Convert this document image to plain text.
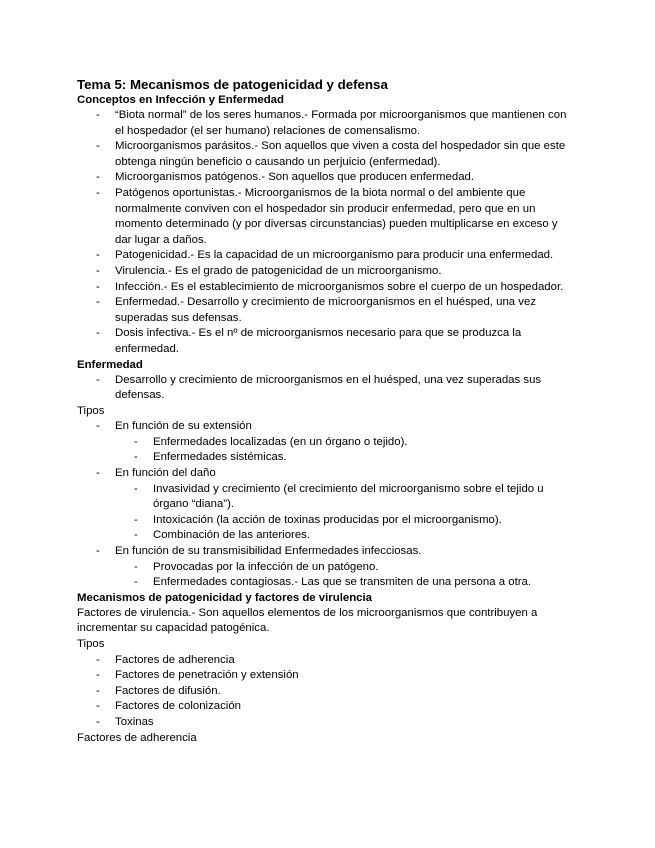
Tema 5: Mecanismos de patogenicidad y defensa

Conceptos en Infección y Enfermedad

- “Biota normal” de los seres humanos.- Formada por microorganismos que mantienen con el hospedador (el ser humano) relaciones de comensalismo.
- Microorganismos parásitos.- Son aquellos que viven a costa del hospedador sin que este obtenga ningún beneficio o causando un perjuicio (enfermedad).
- Microorganismos patógenos.- Son aquellos que producen enfermedad.
- Patógenos oportunistas.- Microorganismos de la biota normal o del ambiente que normalmente conviven con el hospedador sin producir enfermedad, pero que en un momento determinado (y por diversas circunstancias) pueden multiplicarse en exceso y dar lugar a daños.
- Patogenicidad.- Es la capacidad de un microorganismo para producir una enfermedad.
- Virulencia.- Es el grado de patogenicidad de un microorganismo.
- Infección.- Es el establecimiento de microorganismos sobre el cuerpo de un hospedador.
- Enfermedad.- Desarrollo y crecimiento de microorganismos en el huésped, una vez superadas sus defensas.
- Dosis infectiva.- Es el nº de microorganismos necesario para que se produzca la enfermedad.

Enfermedad

- Desarrollo y crecimiento de microorganismos en el huésped, una vez superadas sus defensas.

Tipos

- En función de su extensión
- Enfermedades localizadas (en un órgano o tejido).
- Enfermedades sistémicas.
- En función del daño
- Invasividad y crecimiento (el crecimiento del microorganismo sobre el tejido u órgano “diana”).
- Intoxicación (la acción de toxinas producidas por el microorganismo).
- Combinación de las anteriores.
- En función de su transmisibilidad Enfermedades infecciosas.
- Provocadas por la infección de un patógeno.
- Enfermedades contagiosas.- Las que se transmiten de una persona a otra.

Mecanismos de patogenicidad y factores de virulencia

Factores de virulencia.- Son aquellos elementos de los microorganismos que contribuyen a incrementar su capacidad patogénica.

Tipos

- Factores de adherencia
- Factores de penetración y extensión
- Factores de difusión.
- Factores de colonización
- Toxinas

Factores de adherencia
